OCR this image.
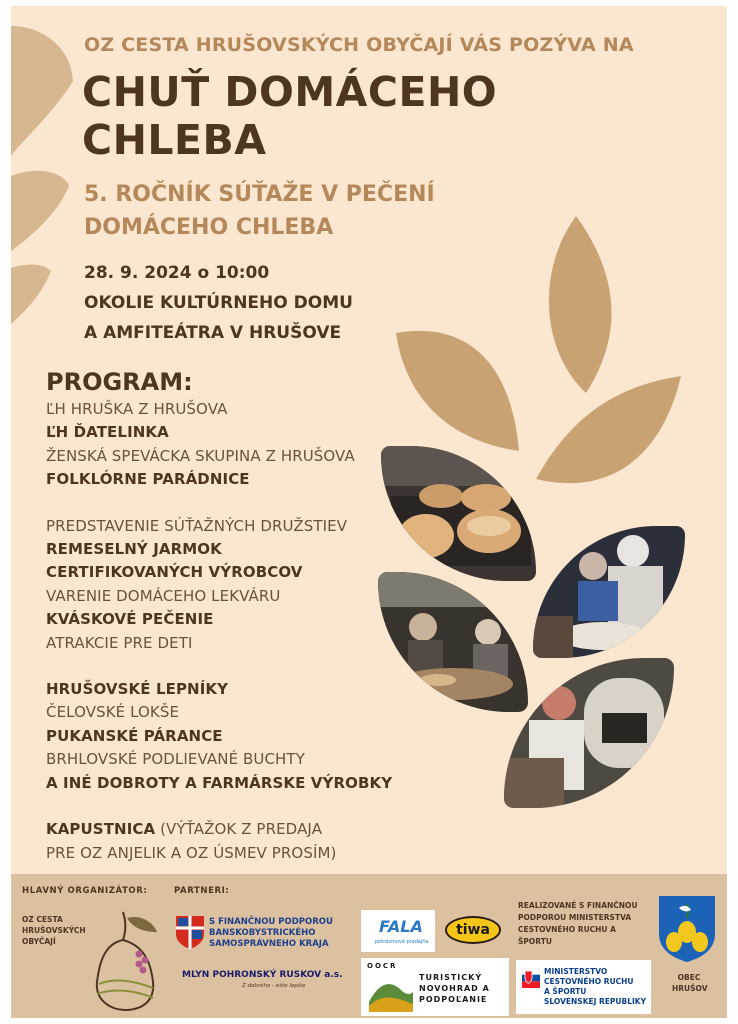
OZ CESTA HRUŠOVSKÝCH OBYČAJÍ VÁS POZÝVA NA
CHUŤ DOMÁCEHO
CHLEBA
5. ROČNÍK SÚŤAŽE V PEČENÍ
DOMÁCEHO CHLEBA
28. 9. 2024 o 10:00
OKOLIE KULTÚRNEHO DOMU
A AMFITEÁTRA V HRUŠOVE
PROGRAM:
ĽH HRUŠKA Z HRUŠOVA
ĽH ĎATELINKA
ŽENSKÁ SPEVÁCKA SKUPINA Z HRUŠOVA
FOLKLÓRNE PARÁDNICE
PREDSTAVENIE SÚŤAŽNÝCH DRUŽSTIEV
REMESELNÝ JARMOK
CERTIFIKOVANÝCH VÝROBCOV
VARENIE DOMÁCEHO LEKVÁRU
KVÁSKOVÉ PEČENIE
ATRAKCIE PRE DETI
HRUŠOVSKÉ LEPNÍKY
ČELOVSKÉ LOKŠE
PUKANSKÉ PÁRANCE
BRHLOVSKÉ PODLIEVANÉ BUCHTY
A INÉ DOBROTY A FARMÁRSKE VÝROBKY
KAPUSTNICA (VÝŤAŽOK Z PREDAJA
PRE OZ ANJELIK A OZ ÚSMEV PROSÍM)
HLAVNÝ ORGANIZÁTOR:
OZ CESTA
HRUŠOVSKÝCH
OBYČAJÍ
PARTNERI:
S FINANČNOU PODPOROU
BANSKOBYSTRICKÉHO
SAMOSPRÁVNEHO KRAJA
MLYN POHRONSKÝ RUSKOV a.s.
Z dobrého - ešte lepšie
FALA
potravinová predajňa
tiwa
OOCR
TURISTICKÝ
NOVOHRAD A
PODPOĽANIE
REALIZOVANÉ S FINANČNOU
PODPOROU MINISTERSTVA
CESTOVNÉHO RUCHU A
ŠPORTU
MINISTERSTVO
CESTOVNÉHO RUCHU
A ŠPORTU
SLOVENSKEJ REPUBLIKY
OBEC
HRUŠOV
